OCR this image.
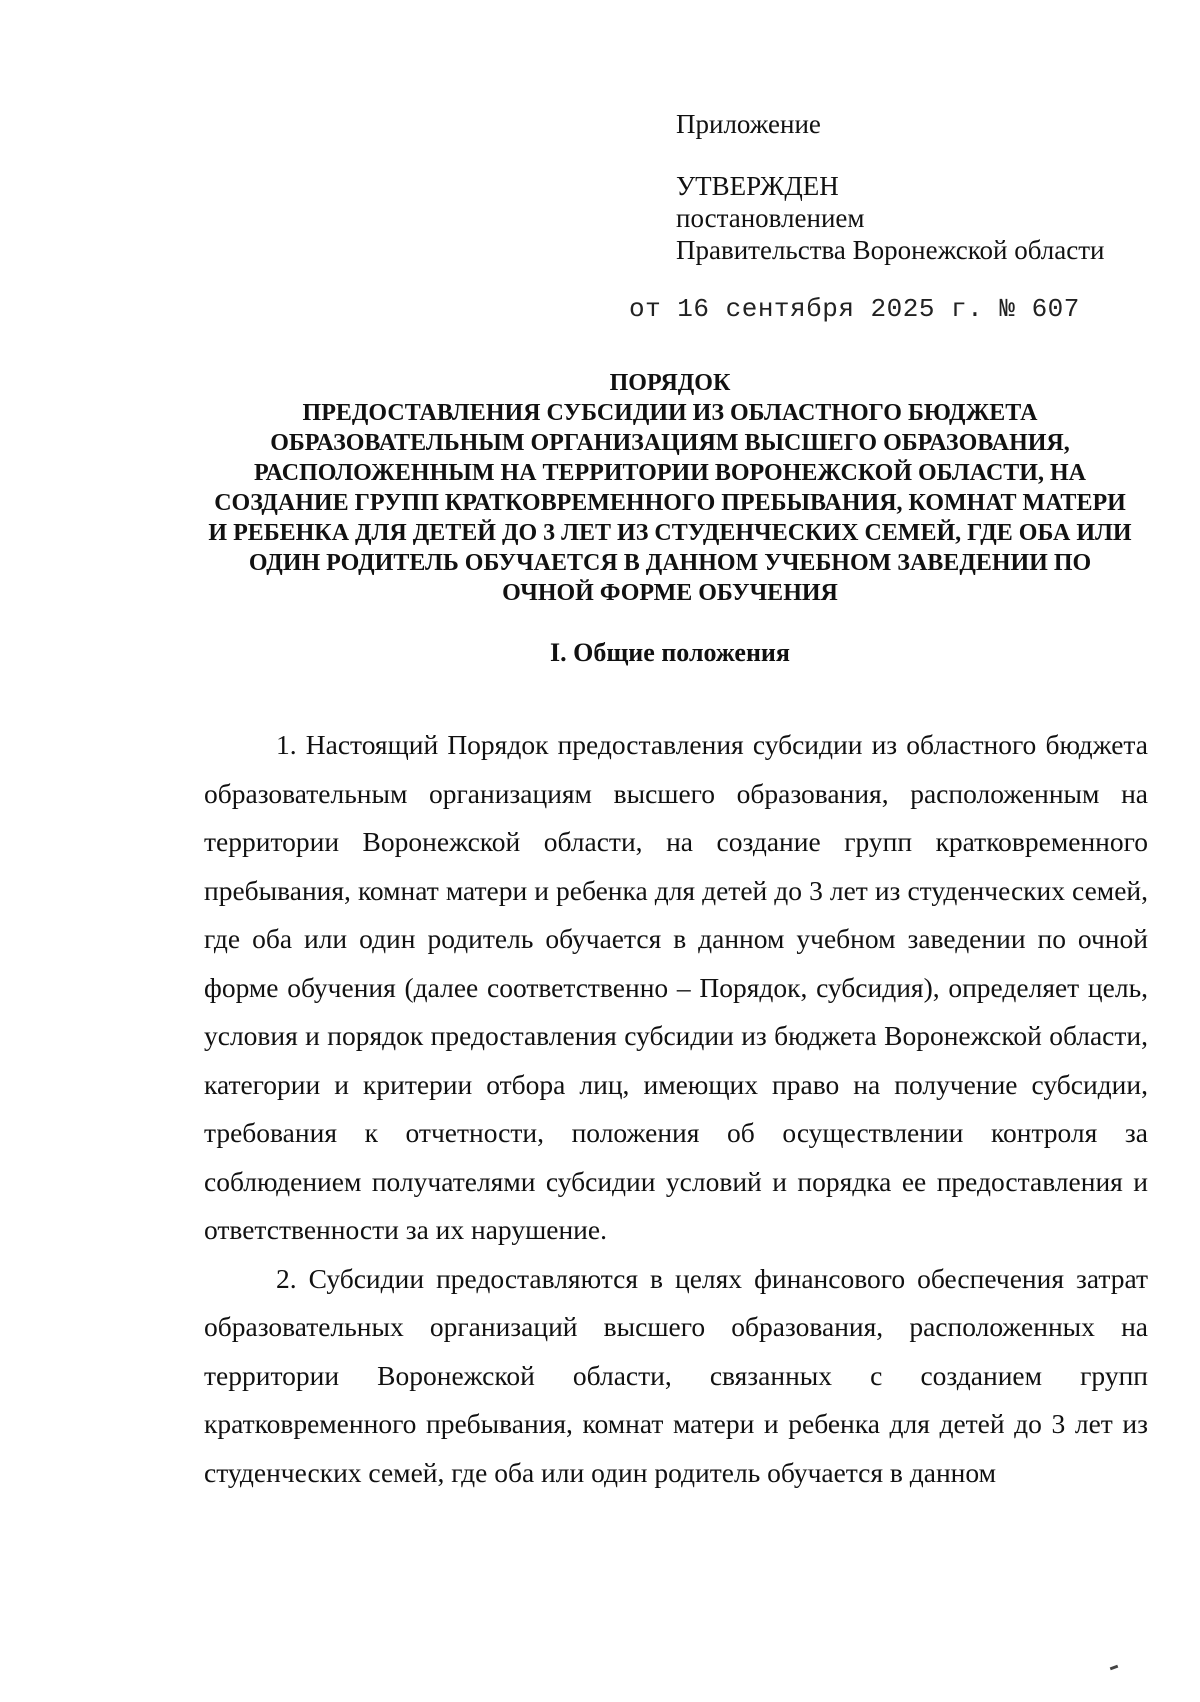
Приложение
УТВЕРЖДЕН
постановлением
Правительства Воронежской области
от 16 сентября 2025 г. № 607
ПОРЯДОК
ПРЕДОСТАВЛЕНИЯ СУБСИДИИ ИЗ ОБЛАСТНОГО БЮДЖЕТА
ОБРАЗОВАТЕЛЬНЫМ ОРГАНИЗАЦИЯМ ВЫСШЕГО ОБРАЗОВАНИЯ,
РАСПОЛОЖЕННЫМ НА ТЕРРИТОРИИ ВОРОНЕЖСКОЙ ОБЛАСТИ, НА
СОЗДАНИЕ ГРУПП КРАТКОВРЕМЕННОГО ПРЕБЫВАНИЯ, КОМНАТ МАТЕРИ
И РЕБЕНКА ДЛЯ ДЕТЕЙ ДО 3 ЛЕТ ИЗ СТУДЕНЧЕСКИХ СЕМЕЙ, ГДЕ ОБА ИЛИ
ОДИН РОДИТЕЛЬ ОБУЧАЕТСЯ В ДАННОМ УЧЕБНОМ ЗАВЕДЕНИИ ПО
ОЧНОЙ ФОРМЕ ОБУЧЕНИЯ
I. Общие положения

1. Настоящий Порядок предоставления субсидии из областного бюджета образовательным организациям высшего образования, расположенным на территории Воронежской области, на создание групп кратковременного пребывания, комнат матери и ребенка для детей до 3 лет из студенческих семей, где оба или один родитель обучается в данном учебном заведении по очной форме обучения (далее соответственно – Порядок, субсидия), определяет цель, условия и порядок предоставления субсидии из бюджета Воронежской области, категории и критерии отбора лиц, имеющих право на получение субсидии, требования к отчетности, положения об осуществлении контроля за соблюдением получателями субсидии условий и порядка ее предоставления и ответственности за их нарушение.

2. Субсидии предоставляются в целях финансового обеспечения затрат образовательных организаций высшего образования, расположенных на территории Воронежской области, связанных с созданием групп кратковременного пребывания, комнат матери и ребенка для детей до 3 лет из студенческих семей, где оба или один родитель обучается в данном
